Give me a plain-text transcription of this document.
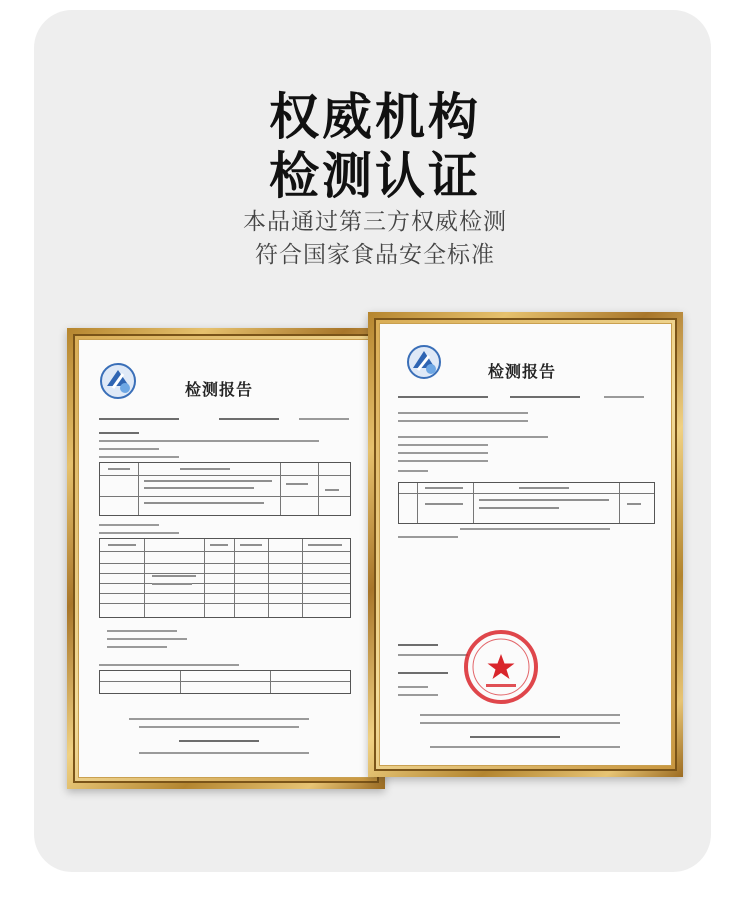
权威机构
检测认证
本品通过第三方权威检测
符合国家食品安全标准
检测报告
检测报告
